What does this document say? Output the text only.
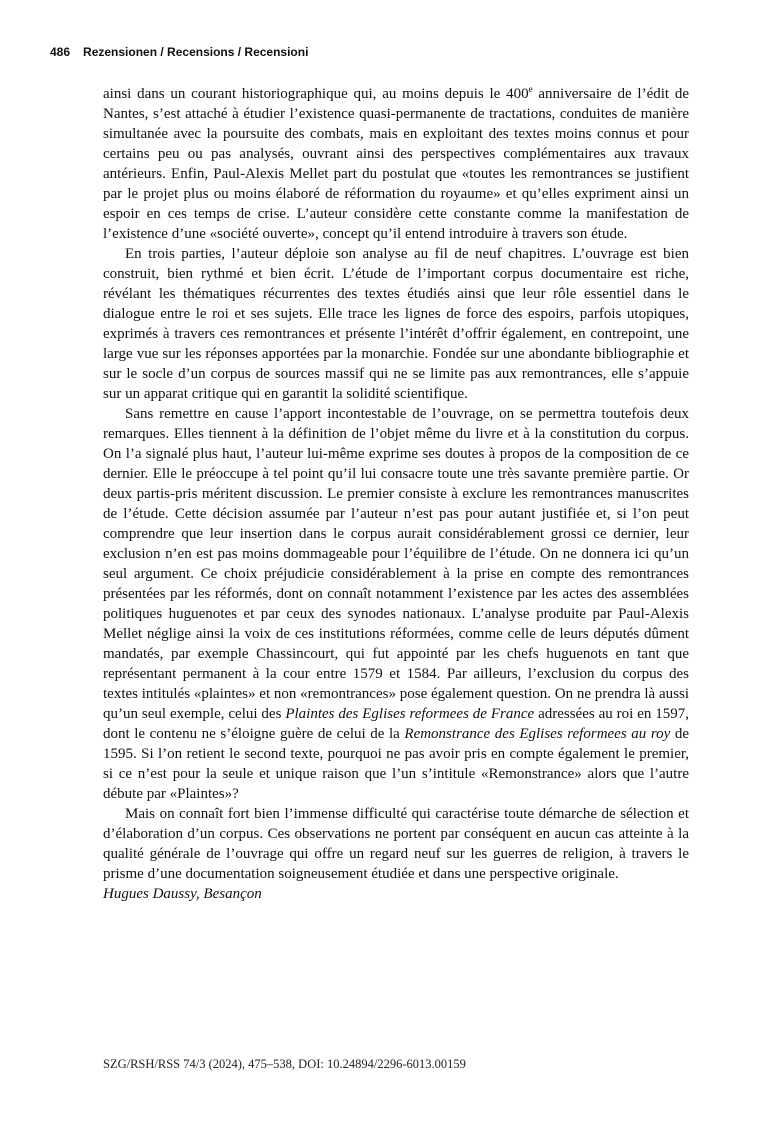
486 Rezensionen / Recensions / Recensioni

ainsi dans un courant historiographique qui, au moins depuis le 400e anniversaire de l’édit de Nantes, s’est attaché à étudier l’existence quasi-permanente de tractations, conduites de manière simultanée avec la poursuite des combats, mais en exploitant des textes moins connus et pour certains peu ou pas analysés, ouvrant ainsi des perspectives complémentaires aux travaux antérieurs. Enfin, Paul-Alexis Mellet part du postulat que «toutes les remontrances se justifient par le projet plus ou moins élaboré de réformation du royaume» et qu’elles expriment ainsi un espoir en ces temps de crise. L’auteur considère cette constante comme la manifestation de l’existence d’une «société ouverte», concept qu’il entend introduire à travers son étude.

En trois parties, l’auteur déploie son analyse au fil de neuf chapitres. L’ouvrage est bien construit, bien rythmé et bien écrit. L’étude de l’important corpus documentaire est riche, révélant les thématiques récurrentes des textes étudiés ainsi que leur rôle essentiel dans le dialogue entre le roi et ses sujets. Elle trace les lignes de force des espoirs, parfois utopiques, exprimés à travers ces remontrances et présente l’intérêt d’offrir également, en contrepoint, une large vue sur les réponses apportées par la monarchie. Fondée sur une abondante bibliographie et sur le socle d’un corpus de sources massif qui ne se limite pas aux remontrances, elle s’appuie sur un apparat critique qui en garantit la solidité scientifique.

Sans remettre en cause l’apport incontestable de l’ouvrage, on se permettra toutefois deux remarques. Elles tiennent à la définition de l’objet même du livre et à la constitution du corpus. On l’a signalé plus haut, l’auteur lui-même exprime ses doutes à propos de la composition de ce dernier. Elle le préoccupe à tel point qu’il lui consacre toute une très savante première partie. Or deux partis-pris méritent discussion. Le premier consiste à exclure les remontrances manuscrites de l’étude. Cette décision assumée par l’auteur n’est pas pour autant justifiée et, si l’on peut comprendre que leur insertion dans le corpus aurait considérablement grossi ce dernier, leur exclusion n’en est pas moins dommageable pour l’équilibre de l’étude. On ne donnera ici qu’un seul argument. Ce choix préjudicie considérablement à la prise en compte des remontrances présentées par les réformés, dont on connaît notamment l’existence par les actes des assemblées politiques huguenotes et par ceux des synodes nationaux. L’analyse produite par Paul-Alexis Mellet néglige ainsi la voix de ces institutions réformées, comme celle de leurs députés dûment mandatés, par exemple Chassincourt, qui fut appointé par les chefs huguenots en tant que représentant permanent à la cour entre 1579 et 1584. Par ailleurs, l’exclusion du corpus des textes intitulés «plaintes» et non «remontrances» pose également question. On ne prendra là aussi qu’un seul exemple, celui des Plaintes des Eglises reformees de France adressées au roi en 1597, dont le contenu ne s’éloigne guère de celui de la Remonstrance des Eglises reformees au roy de 1595. Si l’on retient le second texte, pourquoi ne pas avoir pris en compte également le premier, si ce n’est pour la seule et unique raison que l’un s’intitule «Remonstrance» alors que l’autre débute par «Plaintes»?

Mais on connaît fort bien l’immense difficulté qui caractérise toute démarche de sélection et d’élaboration d’un corpus. Ces observations ne portent par conséquent en aucun cas atteinte à la qualité générale de l’ouvrage qui offre un regard neuf sur les guerres de religion, à travers le prisme d’une documentation soigneusement étudiée et dans une perspective originale.

Hugues Daussy, Besançon

SZG/RSH/RSS 74/3 (2024), 475–538, DOI: 10.24894/2296-6013.00159
